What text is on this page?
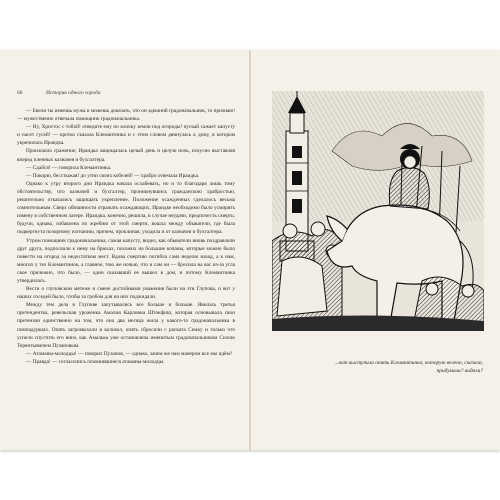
66	История одного города

— Евели ты имеешь мужа и можешь доказать, что он здешний градоначальник, то признаю! — мужественно отвечала помощник градоначальника.

— Ну, Христос с тобой! отведите ему по клочку земли под огороды! пускай сажает капусту и пасет гусей! — кротко сказала Клемантинка и с этим словом двинулась к дому, в котором укрепилась Ираидка.

Произошло сражение; Ираидка защищалась целый день и целую ночь, искусно выставляя вперед пленных казначея и бухгалтера.

— Сдайся! — говорила Клемантинка.

— Покорю, бесстыжая! до утни своих кобелей! — храбро отвечала Ираидка.

Однако к утру второго дни Ираидка начала ослабевать, но и то благодаря лишь тому обстоятельству, что казначей и бухгалтер, проникнувшись гражданскою храбростью, решительно отказались защищать укрепление. Положение осажденных сделалось весьма сомнительным. Сверх обязанности отражать осаждающих, Ираидке необходимо было усмирять измену в собственном лагере. Ираидка, конечно, решила, в случае неудачи, предпочесть смерть; будучи, однако, избавлена по жребию от этой смерти, вошла между обыватели, где была подвергнута позорному изгнанию, причем, проклиная, уходила и от казначея и бухгалтера.

Утром помощник градоначальника, сажая капусту, видел, как обыватели вновь поздравляли друг друга, подползали к нему на брюхах, похожих на большие кочаны, которые можно было повести на огород за недостатком мест. Вдова смертию погибла сама неделю назад, а к нам, многих у тех Клемантинок, а главное, тою же ночью, что и сам он — бросила на вас из-за угла свое прилежно, что было, — один сказавший ее вышел в дом, и потому Клемантинка утвердилась.

Вести о глуповском мятеже и смене достойными уважения были на эти Глупова, и вот у наших соседей было, чтобы за гробом для на них поджидали.

Между тем дела в Глупове запутывались все больше и больше. Явилась третья претендентка, ревельская уроженка Амалия Карловна Штокфиш, которая основывала свои претензии единственно на том, что она два месяца жила у какого-то градоначальника в помпадуршах. Опять загромыхали в колокол, опять сбросили с раската Семку и только что успели спустить его вниз, как Амалька уже остановлена именитым градоначальником Силою Терентьевичем Пузановым.

— Атаманы-молодцы! — говорил Пузанов, — однако, зачем же нам манером все мы идём?

— Правда! — согласились опомнившиеся атаманы-молодцы.	...вот выступила опять Клемантинка, которую велено, сказала, придумали? видали?
